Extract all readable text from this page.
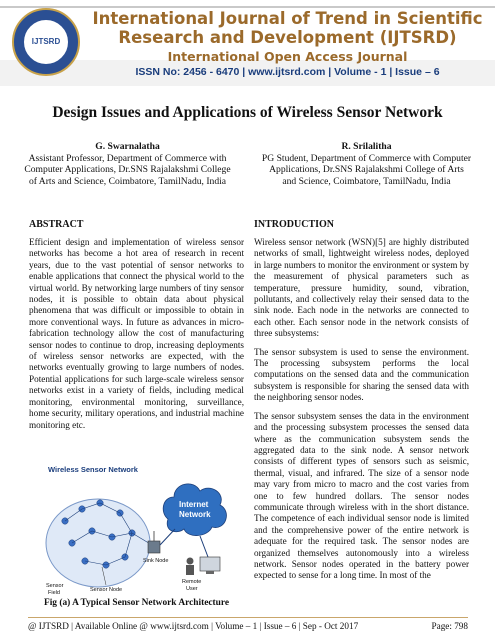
IJTSRD
International Journal of Trend in Scientific
Research and Development (IJTSRD)
International Open Access Journal
ISSN No: 2456 - 6470 | www.ijtsrd.com | Volume - 1 | Issue – 6
Design Issues and Applications of Wireless Sensor Network
G. Swarnalatha
Assistant Professor, Department of Commerce with
Computer Applications, Dr.SNS Rajalakshmi College
of Arts and Science, Coimbatore, TamilNadu, India
R. Srilalitha
PG Student, Department of Commerce with Computer
Applications, Dr.SNS Rajalakshmi College of Arts
and Science, Coimbatore, TamilNadu, India
ABSTRACT
Efficient design and implementation of wireless sensor networks has become a hot area of research in recent years, due to the vast potential of sensor networks to enable applications that connect the physical world to the virtual world. By networking large numbers of tiny sensor nodes, it is possible to obtain data about physical phenomena that was difficult or impossible to obtain in more conventional ways. In future as advances in micro-fabrication technology allow the cost of manufacturing sensor nodes to continue to drop, increasing deployments of wireless sensor networks are expected, with the networks eventually growing to large numbers of nodes. Potential applications for such large-scale wireless sensor networks exist in a variety of fields, including medical monitoring, environmental monitoring, surveillance, home security, military operations, and industrial machine monitoring etc.
Wireless Sensor Network
Sink Node
Internet
Network
Remote
User
Sensor
Field	Sensor Node
Fig (a) A Typical Sensor Network Architecture
INTRODUCTION
Wireless sensor network (WSN)[5] are highly distributed networks of small, lightweight wireless nodes, deployed in large numbers to monitor the environment or system by the measurement of physical parameters such as temperature, pressure humidity, sound, vibration, pollutants, and collectively relay their sensed data to the sink node. Each node in the networks are connected to each other. Each sensor node in the network consists of three subsystems:
The sensor subsystem is used to sense the environment. The processing subsystem performs the local computations on the sensed data and the communication subsystem is responsible for sharing the sensed data with the neighboring sensor nodes.
The sensor subsystem senses the data in the environment and the processing subsystem processes the sensed data where as the communication subsystem sends the aggregated data to the sink node. A sensor network consists of different types of sensors such as seismic, thermal, visual, and infrared. The size of a sensor node may vary from micro to macro and the cost varies from one to few hundred dollars. The sensor nodes communicate through wireless with in the short distance. The competence of each individual sensor node is limited and the comprehensive power of the entire network is adequate for the required task. The sensor nodes are organized themselves autonomously into a wireless network. Sensor nodes operated in the battery power expected to sense for a long time. In most of the
@ IJTSRD | Available Online @ www.ijtsrd.com | Volume – 1 | Issue – 6 | Sep - Oct 2017	Page: 798
